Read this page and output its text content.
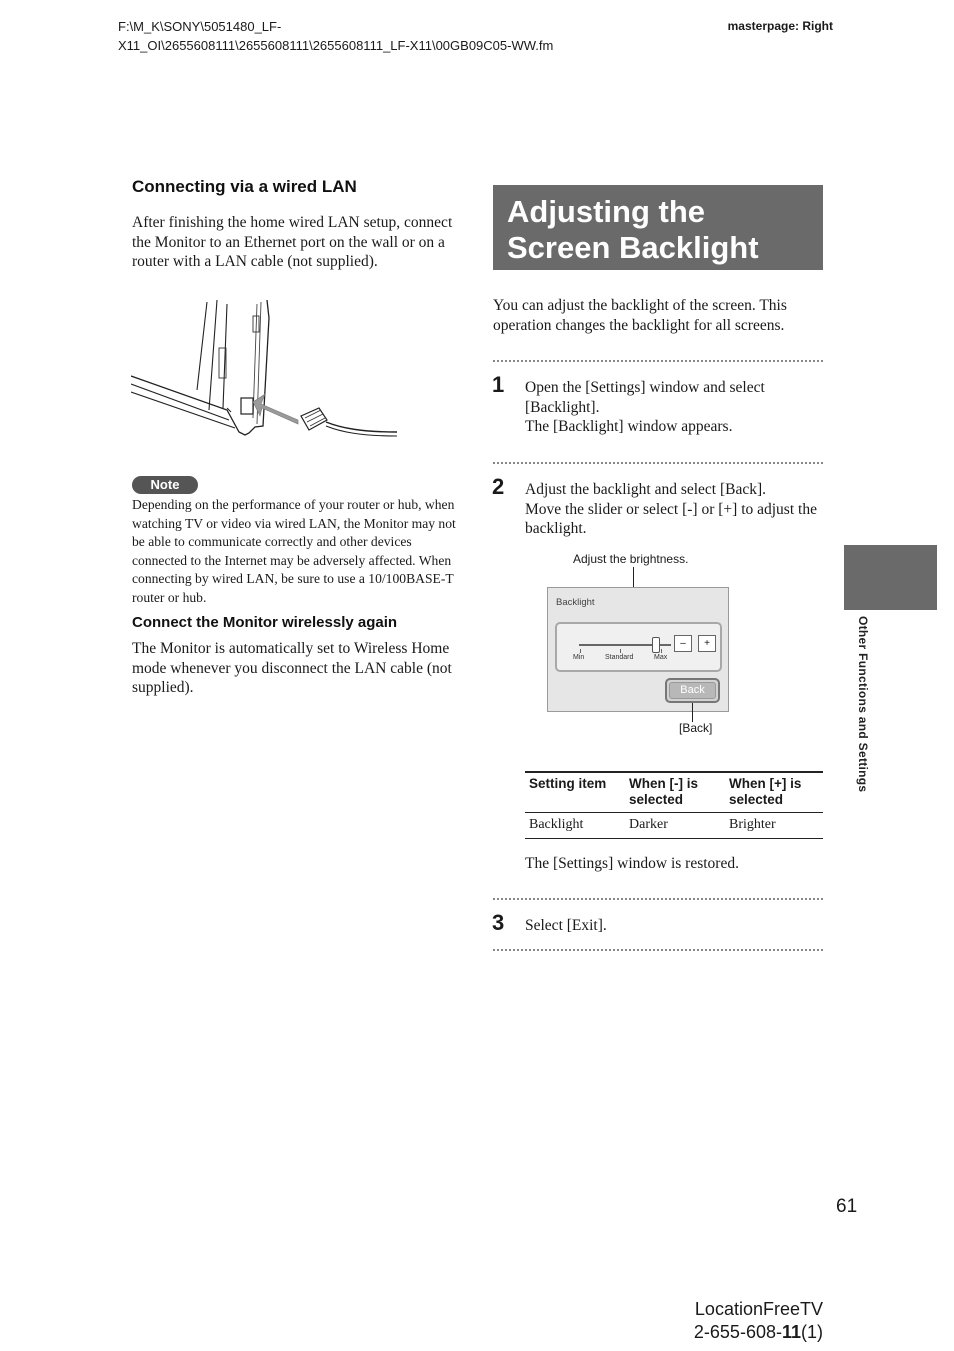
F:\M_K\SONY\5051480_LF-
X11_OI\2655608111\2655608111\2655608111_LF-X11\00GB09C05-WW.fm
masterpage: Right
Connecting via a wired LAN
After finishing the home wired LAN setup, connect the Monitor to an Ethernet port on the wall or on a router with a LAN cable (not supplied).
Note
Depending on the performance of your router or hub, when watching TV or video via wired LAN, the Monitor may not be able to communicate correctly and other devices connected to the Internet may be adversely affected. When connecting by wired LAN, be sure to use a 10/100BASE-T router or hub.
Connect the Monitor wirelessly again
The Monitor is automatically set to Wireless Home mode whenever you disconnect the LAN cable (not supplied).
Adjusting the
Screen Backlight
You can adjust the backlight of the screen. This operation changes the backlight for all screens.
1 Open the [Settings] window and select [Backlight].
The [Backlight] window appears.
2 Adjust the backlight and select [Back].
Move the slider or select [-] or [+] to adjust the backlight.
Adjust the brightness.
Backlight
Min	Standard	Max
–	+
Back
[Back]
Setting item	When [-] is selected	When [+] is selected
Backlight	Darker	Brighter
The [Settings] window is restored.
3 Select [Exit].
Other Functions and Settings
61
LocationFreeTV
2-655-608-11(1)
